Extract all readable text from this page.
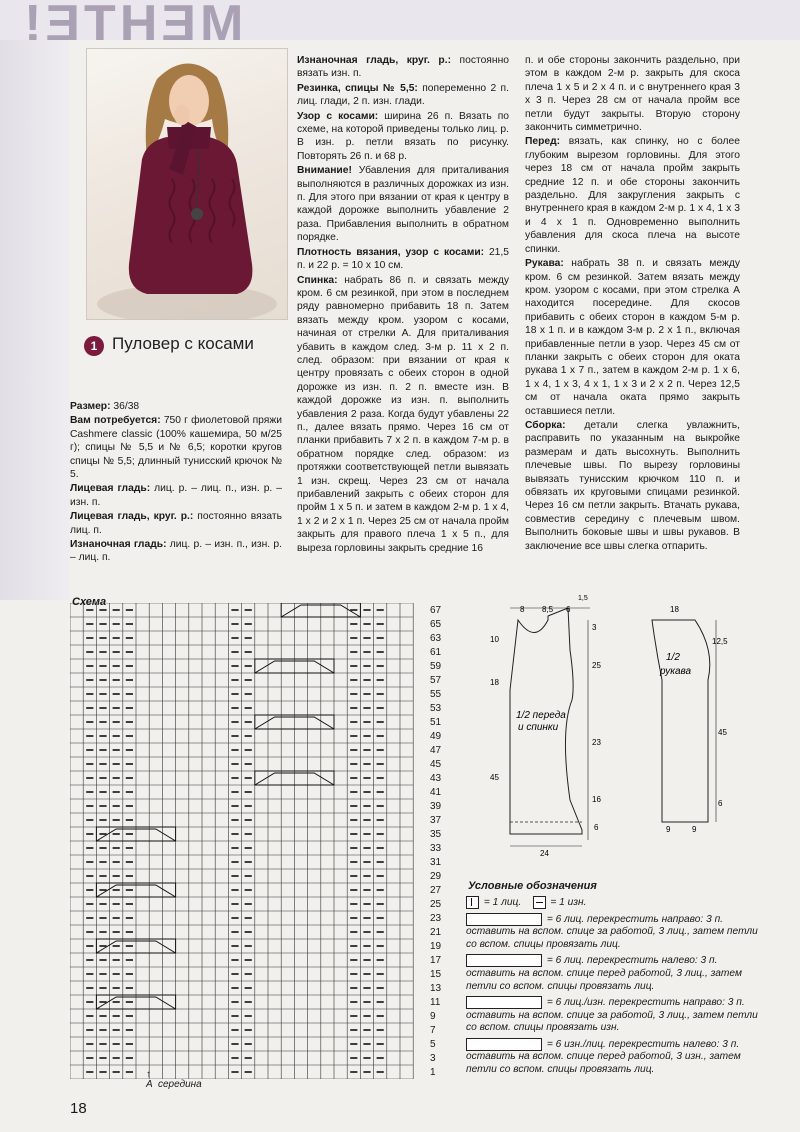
МЕНТЕ!
1 Пуловер с косами

Размер: 36/38

Вам потребуется: 750 г фиолетовой пряжи Cashmere classic (100% кашемира, 50 м/25 г); спицы № 5,5 и № 6,5; коротки кругов спицы № 5,5; длинный тунисский крючок № 5.

Лицевая гладь: лиц. р. – лиц. п., изн. р. – изн. п.

Лицевая гладь, круг. р.: постоянно вязать лиц. п.

Изнаночная гладь: лиц. р. – изн. п., изн. р. – лиц. п.

Изнаночная гладь, круг. р.: постоянно вязать изн. п.

Резинка, спицы № 5,5: попеременно 2 п. лиц. глади, 2 п. изн. глади.

Узор с косами: ширина 26 п. Вязать по схеме, на которой приведены только лиц. р. В изн. р. петли вязать по рисунку. Повторять 26 п. и 68 р.

Внимание! Убавления для приталивания выполняются в различных дорожках из изн. п. Для этого при вязании от края к центру в каждой дорожке выполнить убавление 2 раза. Прибавления выполнить в обратном порядке.

Плотность вязания, узор с косами: 21,5 п. и 22 р. = 10 х 10 см.

Спинка: набрать 86 п. и связать между кром. 6 см резинкой, при этом в последнем ряду равномерно прибавить 18 п. Затем вязать между кром. узором с косами, начиная от стрелки А. Для приталивания убавить в каждом след. 3-м р. 11 х 2 п. след. образом: при вязании от края к центру провязать с обеих сторон в одной дорожке из изн. п. 2 п. вместе изн. В каждой дорожке из изн. п. выполнить убавления 2 раза. Когда будут убавлены 22 п., далее вязать прямо. Через 16 см от планки прибавить 7 х 2 п. в каждом 7-м р. в обратном порядке след. образом: из протяжки соответствующей петли вывязать 1 изн. скрещ. Через 23 см от начала прибавлений закрыть с обеих сторон для пройм 1 х 5 п. и затем в каждом 2-м р. 1 х 4, 1 х 2 и 2 х 1 п. Через 25 см от начала пройм закрыть для правого плеча 1 х 5 п., для выреза горловины закрыть средние 16

п. и обе стороны закончить раздельно, при этом в каждом 2-м р. закрыть для скоса плеча 1 х 5 и 2 х 4 п. и с внутреннего края 3 х 3 п. Через 28 см от начала пройм все петли будут закрыты. Вторую сторону закончить симметрично.

Перед: вязать, как спинку, но с более глубоким вырезом горловины. Для этого через 18 см от начала пройм закрыть средние 12 п. и обе стороны закончить раздельно. Для закругления закрыть с внутреннего края в каждом 2-м р. 1 х 4, 1 х 3 и 4 х 1 п. Одновременно выполнить убавления для скоса плеча на высоте спинки.

Рукава: набрать 38 п. и связать между кром. 6 см резинкой. Затем вязать между кром. узором с косами, при этом стрелка А находится посередине. Для скосов прибавить с обеих сторон в каждом 5-м р. 18 х 1 п. и в каждом 3-м р. 2 х 1 п., включая прибавленные петли в узор. Через 45 см от планки закрыть с обеих сторон для оката рукава 1 х 7 п., затем в каждом 2-м р. 1 х 6, 1 х 4, 1 х 3, 4 х 1, 1 х 3 и 2 х 2 п. Через 12,5 см от начала оката прямо закрыть оставшиеся петли.

Сборка: детали слегка увлажнить, расправить по указанным на выкройке размерам и дать высохнуть. Выполнить плечевые швы. По вырезу горловины вывязать тунисским крючком 110 п. и обвязать их круговыми спицами резинкой. Через 16 см петли закрыть. Втачать рукава, совместив середину с плечевым швом. Выполнить боковые швы и швы рукавов. В заключение все швы слегка отпарить.

Схема
67
65
63
61
59
57
55
53
51
49
47
45
43
41
39
37
35
33
31
29
27
25
23
21
19
17
15
13
11
9
7
5
3
1
↑
A середина
1/2 переда
и спинки
8 8,5 6
1,5
3
10
18
45
25
23
16
6
24
18
1/2
рукава
12,5
45
6
9	9
Условные обозначения
= 1 лиц.	= 1 изн.
= 6 лиц. перекрестить направо: 3 п. оставить на вспом. спице за работой, 3 лиц., затем петли со вспом. спицы провязать лиц.
= 6 лиц. перекрестить налево: 3 п. оставить на вспом. спице перед работой, 3 лиц., затем петли со вспом. спицы провязать лиц.
= 6 лиц./изн. перекрестить направо: 3 п. оставить на вспом. спице за работой, 3 лиц., затем петли со вспом. спицы провязать изн.
= 6 изн./лиц. перекрестить налево: 3 п. оставить на вспом. спице перед работой, 3 изн., затем петли со вспом. спицы провязать лиц.
18
